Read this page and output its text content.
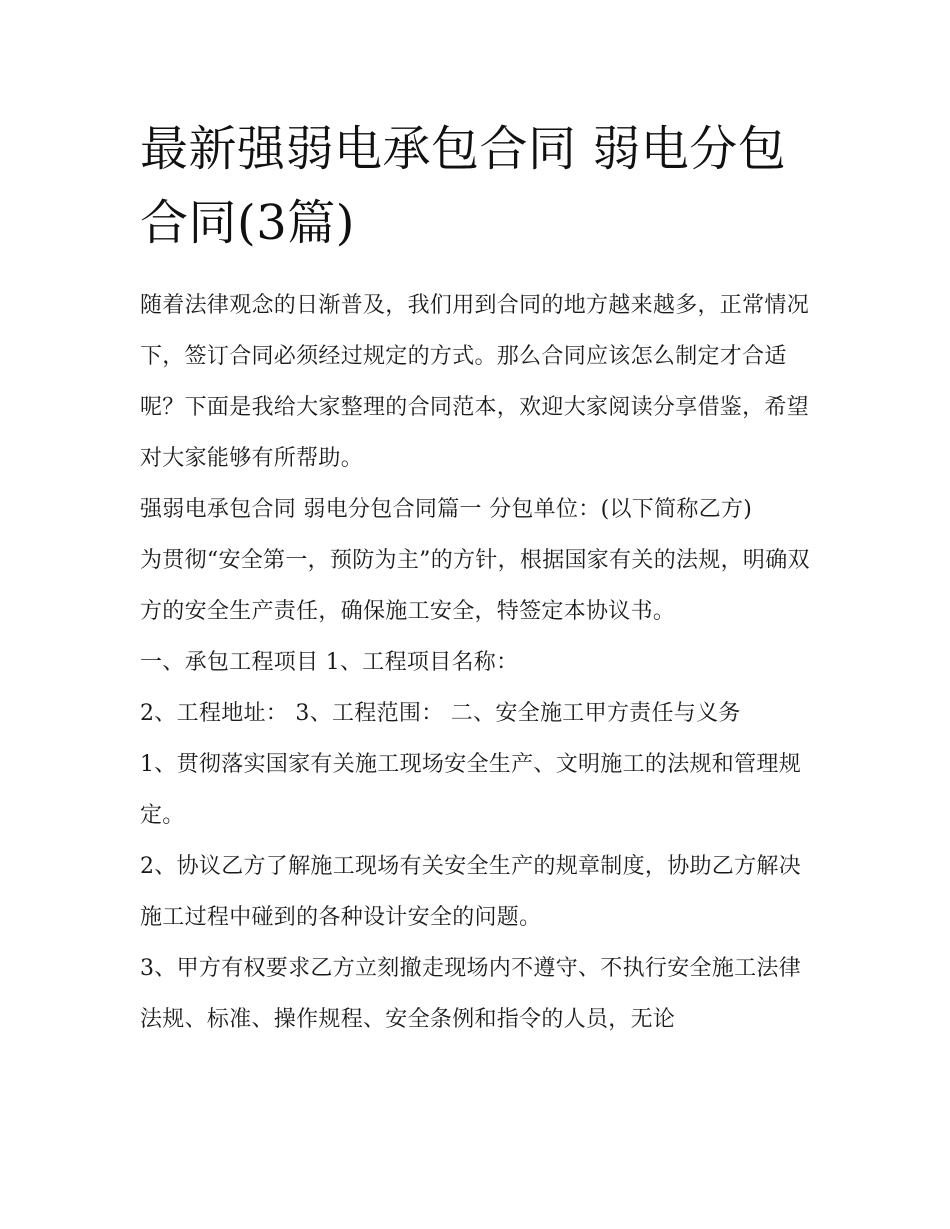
最新强弱电承包合同 弱电分包合同(3篇)

随着法律观念的日渐普及，我们用到合同的地方越来越多，正常情况下，签订合同必须经过规定的方式。那么合同应该怎么制定才合适呢？下面是我给大家整理的合同范本，欢迎大家阅读分享借鉴，希望对大家能够有所帮助。

强弱电承包合同 弱电分包合同篇一 分包单位：(以下简称乙方)

为贯彻“安全第一，预防为主”的方针，根据国家有关的法规，明确双方的安全生产责任，确保施工安全，特签定本协议书。

一、承包工程项目 1、工程项目名称：

2、工程地址： 3、工程范围： 二、安全施工甲方责任与义务

1、贯彻落实国家有关施工现场安全生产、文明施工的法规和管理规定。

2、协议乙方了解施工现场有关安全生产的规章制度，协助乙方解决施工过程中碰到的各种设计安全的问题。

3、甲方有权要求乙方立刻撤走现场内不遵守、不执行安全施工法律法规、标准、操作规程、安全条例和指令的人员，无论
